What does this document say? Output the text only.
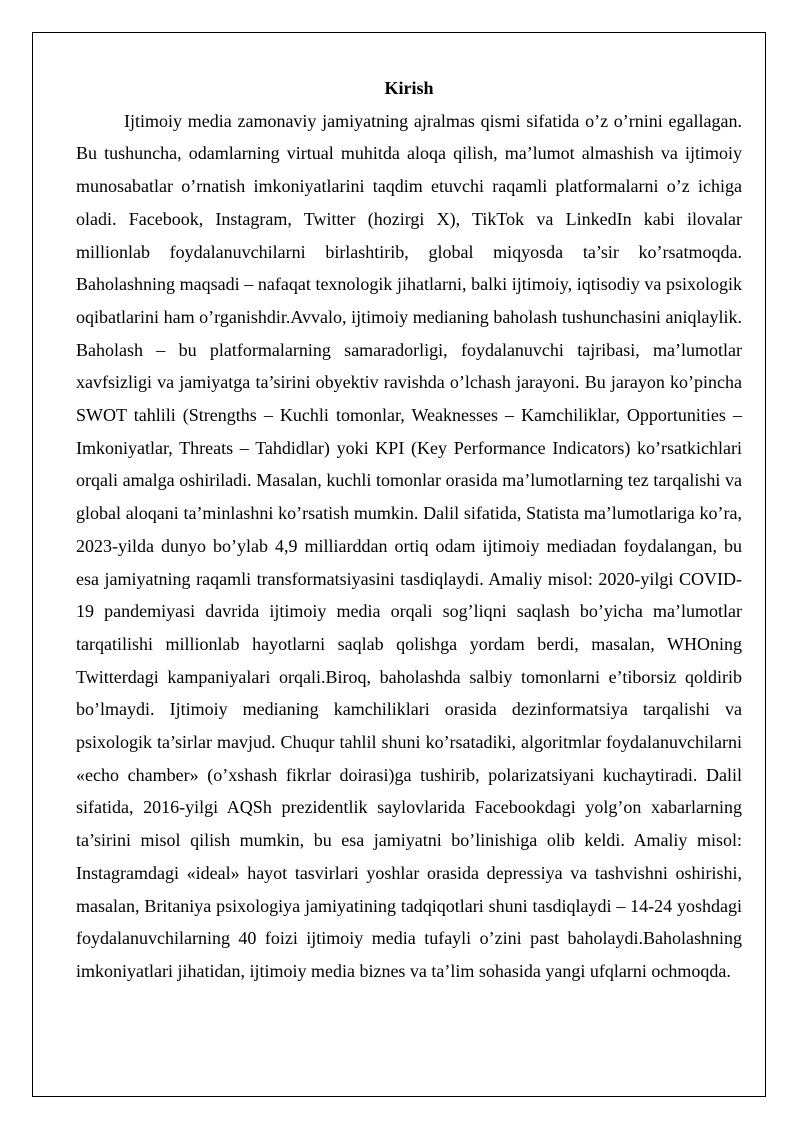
Kirish

Ijtimoiy media zamonaviy jamiyatning ajralmas qismi sifatida o’z o’rnini egallagan. Bu tushuncha, odamlarning virtual muhitda aloqa qilish, ma’lumot almashish va ijtimoiy munosabatlar o’rnatish imkoniyatlarini taqdim etuvchi raqamli platformalarni o’z ichiga oladi. Facebook, Instagram, Twitter (hozirgi X), TikTok va LinkedIn kabi ilovalar millionlab foydalanuvchilarni birlashtirib, global miqyosda ta’sir ko’rsatmoqda. Baholashning maqsadi – nafaqat texnologik jihatlarni, balki ijtimoiy, iqtisodiy va psixologik oqibatlarini ham o’rganishdir.Avvalo, ijtimoiy medianing baholash tushunchasini aniqlaylik. Baholash – bu platformalarning samaradorligi, foydalanuvchi tajribasi, ma’lumotlar xavfsizligi va jamiyatga ta’sirini obyektiv ravishda o’lchash jarayoni. Bu jarayon ko’pincha SWOT tahlili (Strengths – Kuchli tomonlar, Weaknesses – Kamchiliklar, Opportunities – Imkoniyatlar, Threats – Tahdidlar) yoki KPI (Key Performance Indicators) ko’rsatkichlari orqali amalga oshiriladi. Masalan, kuchli tomonlar orasida ma’lumotlarning tez tarqalishi va global aloqani ta’minlashni ko’rsatish mumkin. Dalil sifatida, Statista ma’lumotlariga ko’ra, 2023-yilda dunyo bo’ylab 4,9 milliarddan ortiq odam ijtimoiy mediadan foydalangan, bu esa jamiyatning raqamli transformatsiyasini tasdiqlaydi. Amaliy misol: 2020-yilgi COVID-19 pandemiyasi davrida ijtimoiy media orqali sog’liqni saqlash bo’yicha ma’lumotlar tarqatilishi millionlab hayotlarni saqlab qolishga yordam berdi, masalan, WHOning Twitterdagi kampaniyalari orqali.Biroq, baholashda salbiy tomonlarni e’tiborsiz qoldirib bo’lmaydi. Ijtimoiy medianing kamchiliklari orasida dezinformatsiya tarqalishi va psixologik ta’sirlar mavjud. Chuqur tahlil shuni ko’rsatadiki, algoritmlar foydalanuvchilarni «echo chamber» (o’xshash fikrlar doirasi)ga tushirib, polarizatsiyani kuchaytiradi. Dalil sifatida, 2016-yilgi AQSh prezidentlik saylovlarida Facebookdagi yolg’on xabarlarning ta’sirini misol qilish mumkin, bu esa jamiyatni bo’linishiga olib keldi. Amaliy misol: Instagramdagi «ideal» hayot tasvirlari yoshlar orasida depressiya va tashvishni oshirishi, masalan, Britaniya psixologiya jamiyatining tadqiqotlari shuni tasdiqlaydi – 14-24 yoshdagi foydalanuvchilarning 40 foizi ijtimoiy media tufayli o’zini past baholaydi.Baholashning imkoniyatlari jihatidan, ijtimoiy media biznes va ta’lim sohasida yangi ufqlarni ochmoqda.
